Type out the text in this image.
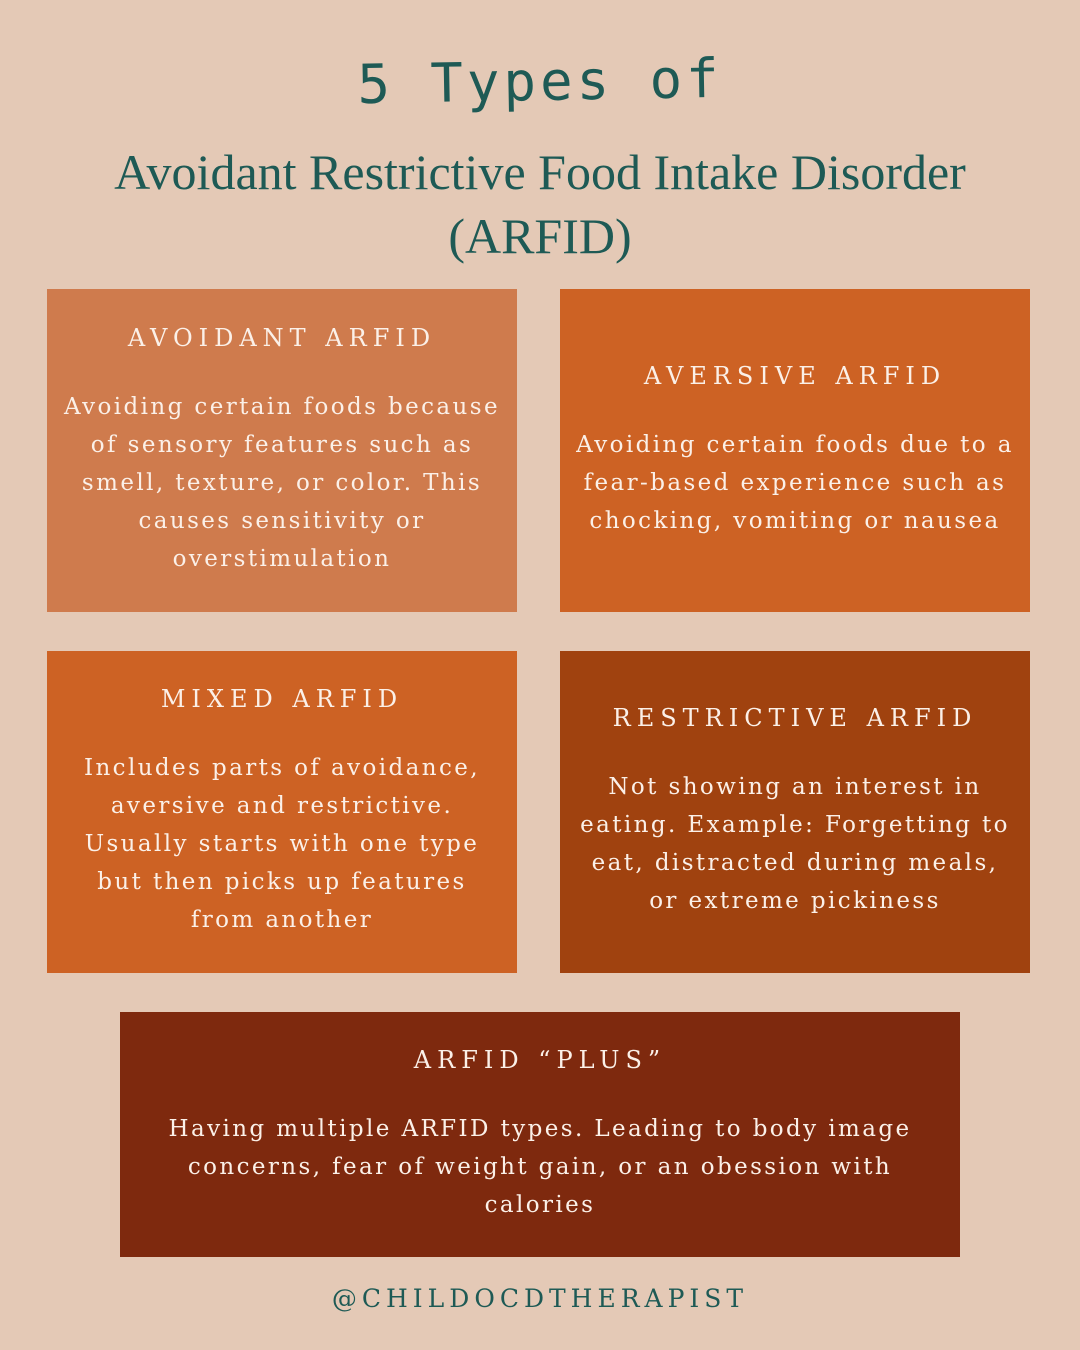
5 Types of
Avoidant Restrictive Food Intake Disorder
(ARFID)
AVOIDANT ARFID
Avoiding certain foods because of sensory features such as smell, texture, or color. This causes sensitivity or overstimulation
AVERSIVE ARFID
Avoiding certain foods due to a fear-based experience such as chocking, vomiting or nausea
MIXED ARFID
Includes parts of avoidance, aversive and restrictive. Usually starts with one type but then picks up features from another
RESTRICTIVE ARFID
Not showing an interest in eating. Example: Forgetting to eat, distracted during meals, or extreme pickiness
ARFID “PLUS”
Having multiple ARFID types. Leading to body image concerns, fear of weight gain, or an obession with calories
@CHILDOCDTHERAPIST
